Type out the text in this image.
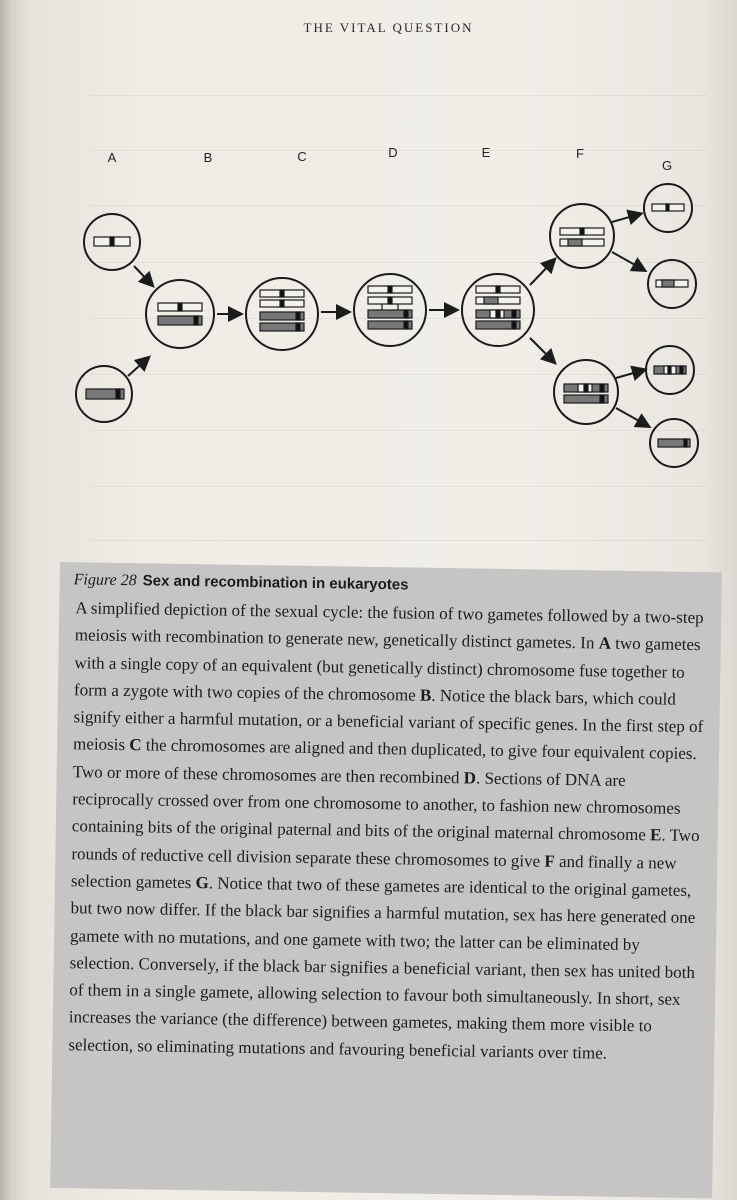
THE VITAL QUESTION
A	B	C	D	E	F
G

Figure 28 Sex and recombination in eukaryotes

A simplified depiction of the sexual cycle: the fusion of two gametes followed by a two-step meiosis with recombination to generate new, genetically distinct gametes. In A two gametes with a single copy of an equivalent (but genetically distinct) chromosome fuse together to form a zygote with two copies of the chromosome B. Notice the black bars, which could signify either a harmful mutation, or a beneficial variant of specific genes. In the first step of meiosis C the chromosomes are aligned and then duplicated, to give four equivalent copies. Two or more of these chromosomes are then recombined D. Sections of DNA are reciprocally crossed over from one chromosome to another, to fashion new chromosomes containing bits of the original paternal and bits of the original maternal chromosome E. Two rounds of reductive cell division separate these chromosomes to give F and finally a new selection gametes G. Notice that two of these gametes are identical to the original gametes, but two now differ. If the black bar signifies a harmful mutation, sex has here generated one gamete with no mutations, and one gamete with two; the latter can be eliminated by selection. Conversely, if the black bar signifies a beneficial variant, then sex has united both of them in a single gamete, allowing selection to favour both simultaneously. In short, sex increases the variance (the difference) between gametes, making them more visible to selection, so eliminating mutations and favouring beneficial variants over time.
